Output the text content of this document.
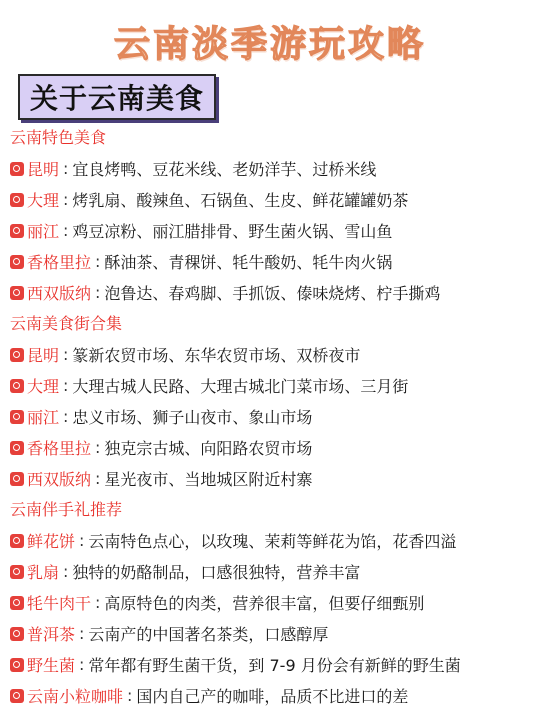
云南淡季游玩攻略
关于云南美食
云南特色美食
昆明 : 宜良烤鸭、豆花米线、老奶洋芋、过桥米线
大理 : 烤乳扇、酸辣鱼、石锅鱼、生皮、鲜花罐罐奶茶
丽江 : 鸡豆凉粉、丽江腊排骨、野生菌火锅、雪山鱼
香格里拉 : 酥油茶、青稞饼、牦牛酸奶、牦牛肉火锅
西双版纳 : 泡鲁达、春鸡脚、手抓饭、傣味烧烤、柠手撕鸡
云南美食街合集
昆明 : 篆新农贸市场、东华农贸市场、双桥夜市
大理 : 大理古城人民路、大理古城北门菜市场、三月街
丽江 : 忠义市场、狮子山夜市、象山市场
香格里拉 : 独克宗古城、向阳路农贸市场
西双版纳 : 星光夜市、当地城区附近村寨
云南伴手礼推荐
鲜花饼 : 云南特色点心，以玫瑰、茉莉等鲜花为馅，花香四溢
乳扇 : 独特的奶酪制品，口感很独特，营养丰富
牦牛肉干 : 高原特色的肉类，营养很丰富，但要仔细甄别
普洱茶 : 云南产的中国著名茶类，口感醇厚
野生菌 : 常年都有野生菌干货，到 7-9 月份会有新鲜的野生菌
云南小粒咖啡 : 国内自己产的咖啡，品质不比进口的差
